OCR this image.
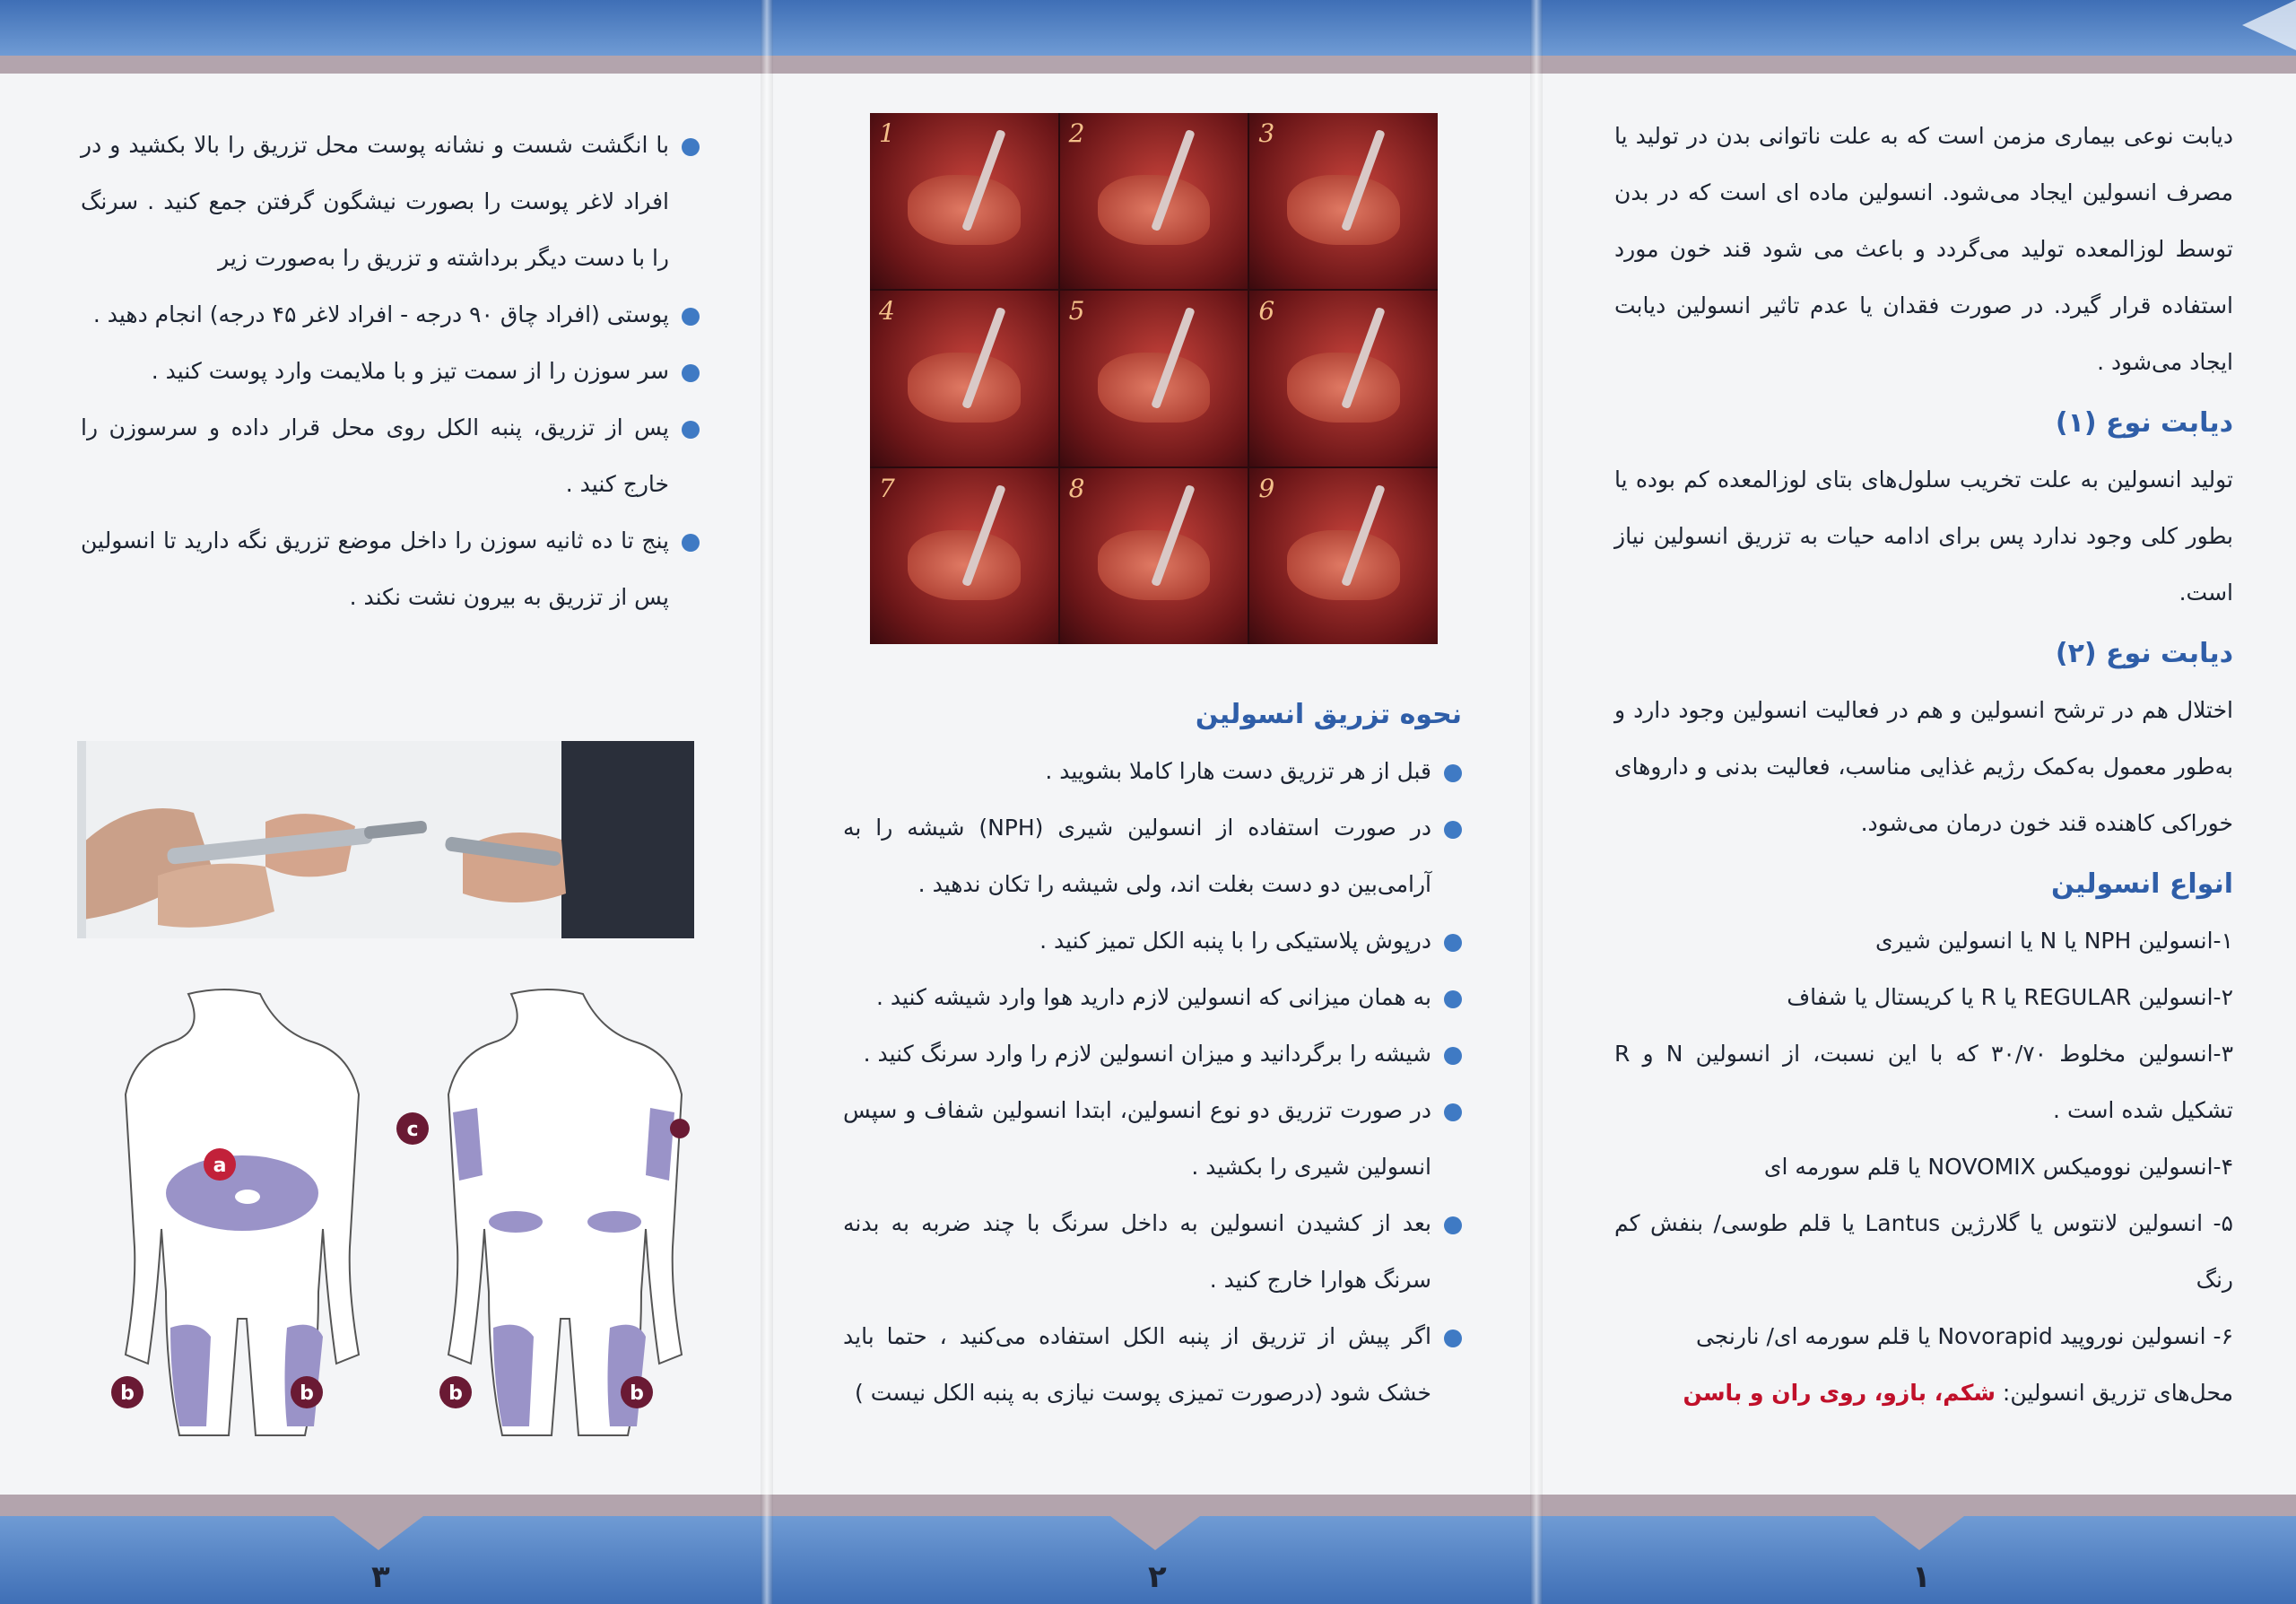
۳	۲	۱

دیابت نوعی بیماری مزمن است که به علت ناتوانی بدن در تولید یا مصرف انسولین ایجاد می‌شود. انسولین ماده ای است که در بدن توسط لوزالمعده تولید می‌گردد و باعث می شود قند خون مورد استفاده قرار گیرد. در صورت فقدان یا عدم تاثیر انسولین دیابت ایجاد می‌شود .

دیابت نوع (۱)

تولید انسولین به علت تخریب سلول‌های بتای لوزالمعده کم بوده یا بطور کلی وجود ندارد پس برای ادامه حیات به تزریق انسولین نیاز است.

دیابت نوع (۲)

اختلال هم در ترشح انسولین و هم در فعالیت انسولین وجود دارد و به‌طور معمول به‌کمک رژیم غذایی مناسب، فعالیت بدنی و داروهای خوراکی کاهنده قند خون درمان می‌شود.

انواع انسولین
۱-انسولین NPH یا N یا انسولین شیری
۲-انسولین REGULAR یا R یا کریستال یا شفاف
۳-انسولین مخلوط ۳۰/۷۰ که با این نسبت، از انسولین N و R تشکیل شده است .
۴-انسولین نوومیکس NOVOMIX یا قلم سورمه ای
۵- انسولین لانتوس یا گلارژین Lantus یا قلم طوسی/ بنفش کم رنگ
۶- انسولین نوروپید Novorapid یا قلم سورمه ای/ نارنجی

محل‌های تزریق انسولین: شکم، بازو، روی ران و باسن

1	2	3
4	5	6
7	8	9
نحوه تزریق انسولین
قبل از هر تزریق دست هارا کاملا بشویید .
در صورت استفاده از انسولین شیری (NPH) شیشه را به آرامی‌بین دو دست بغلت اند، ولی شیشه را تکان ندهید .
درپوش پلاستیکی را با پنبه الکل تمیز کنید .
به همان میزانی که انسولین لازم دارید هوا وارد شیشه کنید .
شیشه را برگردانید و میزان انسولین لازم را وارد سرنگ کنید .
در صورت تزریق دو نوع انسولین، ابتدا انسولین شفاف و سپس انسولین شیری را بکشید .
بعد از کشیدن انسولین به داخل سرنگ با چند ضربه به بدنه سرنگ هوارا خارج کنید .
اگر پیش از تزریق از پنبه الکل استفاده می‌کنید ، حتما باید خشک شود (درصورت تمیزی پوست نیازی به پنبه الکل نیست )
با انگشت شست و نشانه پوست محل تزریق را بالا بکشید و در افراد لاغر پوست را بصورت نیشگون گرفتن جمع کنید . سرنگ را با دست دیگر برداشته و تزریق را به‌صورت زیر
پوستی (افراد چاق ۹۰ درجه - افراد لاغر ۴۵ درجه) انجام دهید .
سر سوزن را از سمت تیز و با ملایمت وارد پوست کنید .
پس از تزریق، پنبه الکل روی محل قرار داده و سرسوزن را خارج کنید .
پنج تا ده ثانیه سوزن را داخل موضع تزریق نگه دارید تا انسولین پس از تزریق به بیرون نشت نکند .
a
b	b	b	b
c
